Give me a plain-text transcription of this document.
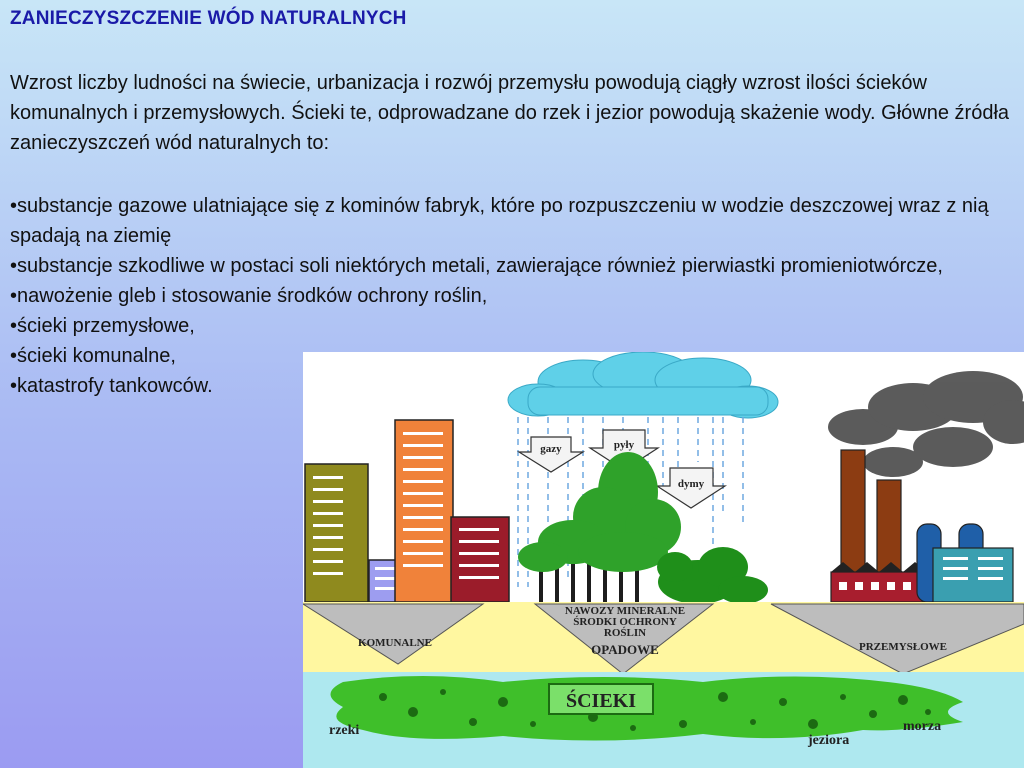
ZANIECZYSZCZENIE WÓD NATURALNYCH
Wzrost liczby ludności na świecie, urbanizacja i rozwój przemysłu powodują ciągły wzrost ilości ścieków komunalnych i przemysłowych. Ścieki te, odprowadzane do rzek i jezior powodują skażenie wody. Główne źródła zanieczyszczeń wód naturalnych to:
•substancje gazowe ulatniające się z kominów fabryk, które po rozpuszczeniu w wodzie deszczowej wraz z nią spadają na ziemię
•substancje szkodliwe w postaci soli niektórych metali, zawierające również pierwiastki promieniotwórcze,
•nawożenie gleb i stosowanie środków ochrony roślin,
•ścieki przemysłowe,
•ścieki komunalne,
•katastrofy tankowców.
gazy	pyły
dymy
KOMUNALNE
NAWOZY MINERALNE
ŚRODKI OCHRONY
ROŚLIN
OPADOWE	PRZEMYSŁOWE
ŚCIEKI
rzeki
jeziora
morza
